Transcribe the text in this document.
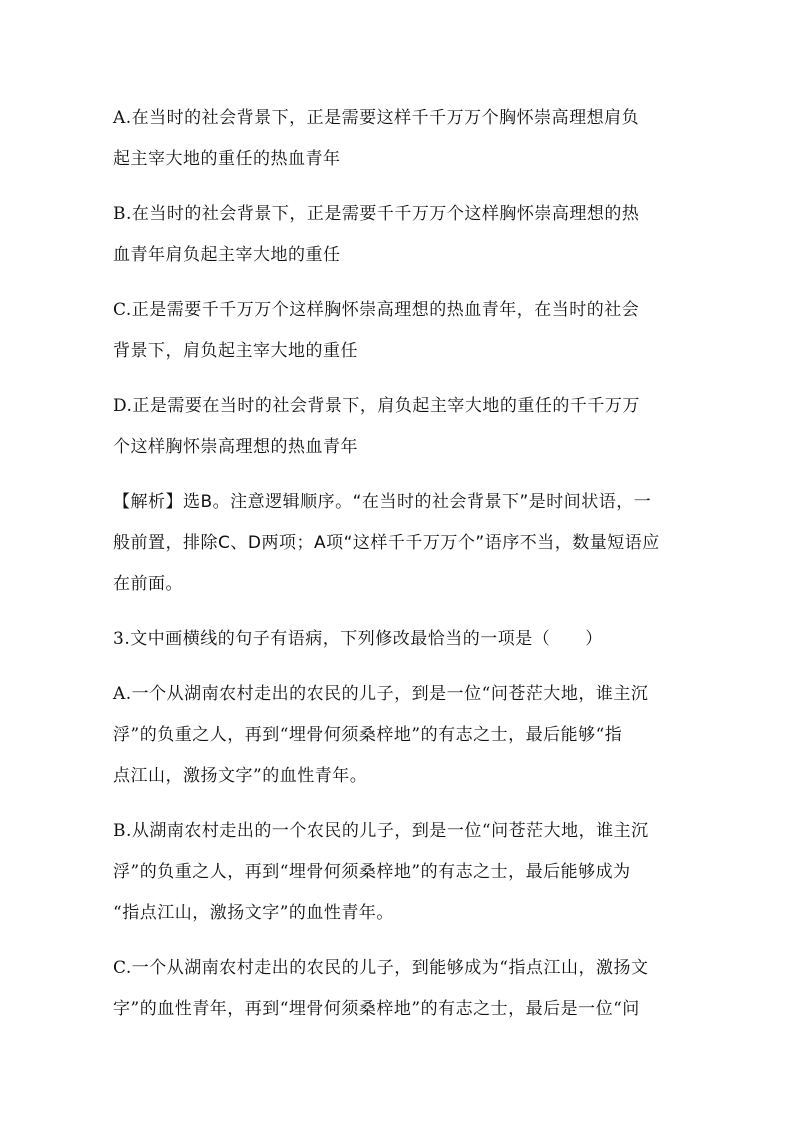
A.在当时的社会背景下，正是需要这样千千万万个胸怀崇高理想肩负
起主宰大地的重任的热血青年
B.在当时的社会背景下，正是需要千千万万个这样胸怀崇高理想的热
血青年肩负起主宰大地的重任
C.正是需要千千万万个这样胸怀崇高理想的热血青年，在当时的社会
背景下，肩负起主宰大地的重任
D.正是需要在当时的社会背景下，肩负起主宰大地的重任的千千万万
个这样胸怀崇高理想的热血青年
【解析】选B。注意逻辑顺序。“在当时的社会背景下”是时间状语，一
般前置，排除C、D两项；A项“这样千千万万个”语序不当，数量短语应
在前面。
3.文中画横线的句子有语病，下列修改最恰当的一项是（　　）
A.一个从湖南农村走出的农民的儿子，到是一位“问苍茫大地，谁主沉
浮”的负重之人，再到“埋骨何须桑梓地”的有志之士，最后能够“指
点江山，激扬文字”的血性青年。
B.从湖南农村走出的一个农民的儿子，到是一位“问苍茫大地，谁主沉
浮”的负重之人，再到“埋骨何须桑梓地”的有志之士，最后能够成为
“指点江山，激扬文字”的血性青年。
C.一个从湖南农村走出的农民的儿子，到能够成为“指点江山，激扬文
字”的血性青年，再到“埋骨何须桑梓地”的有志之士，最后是一位“问
